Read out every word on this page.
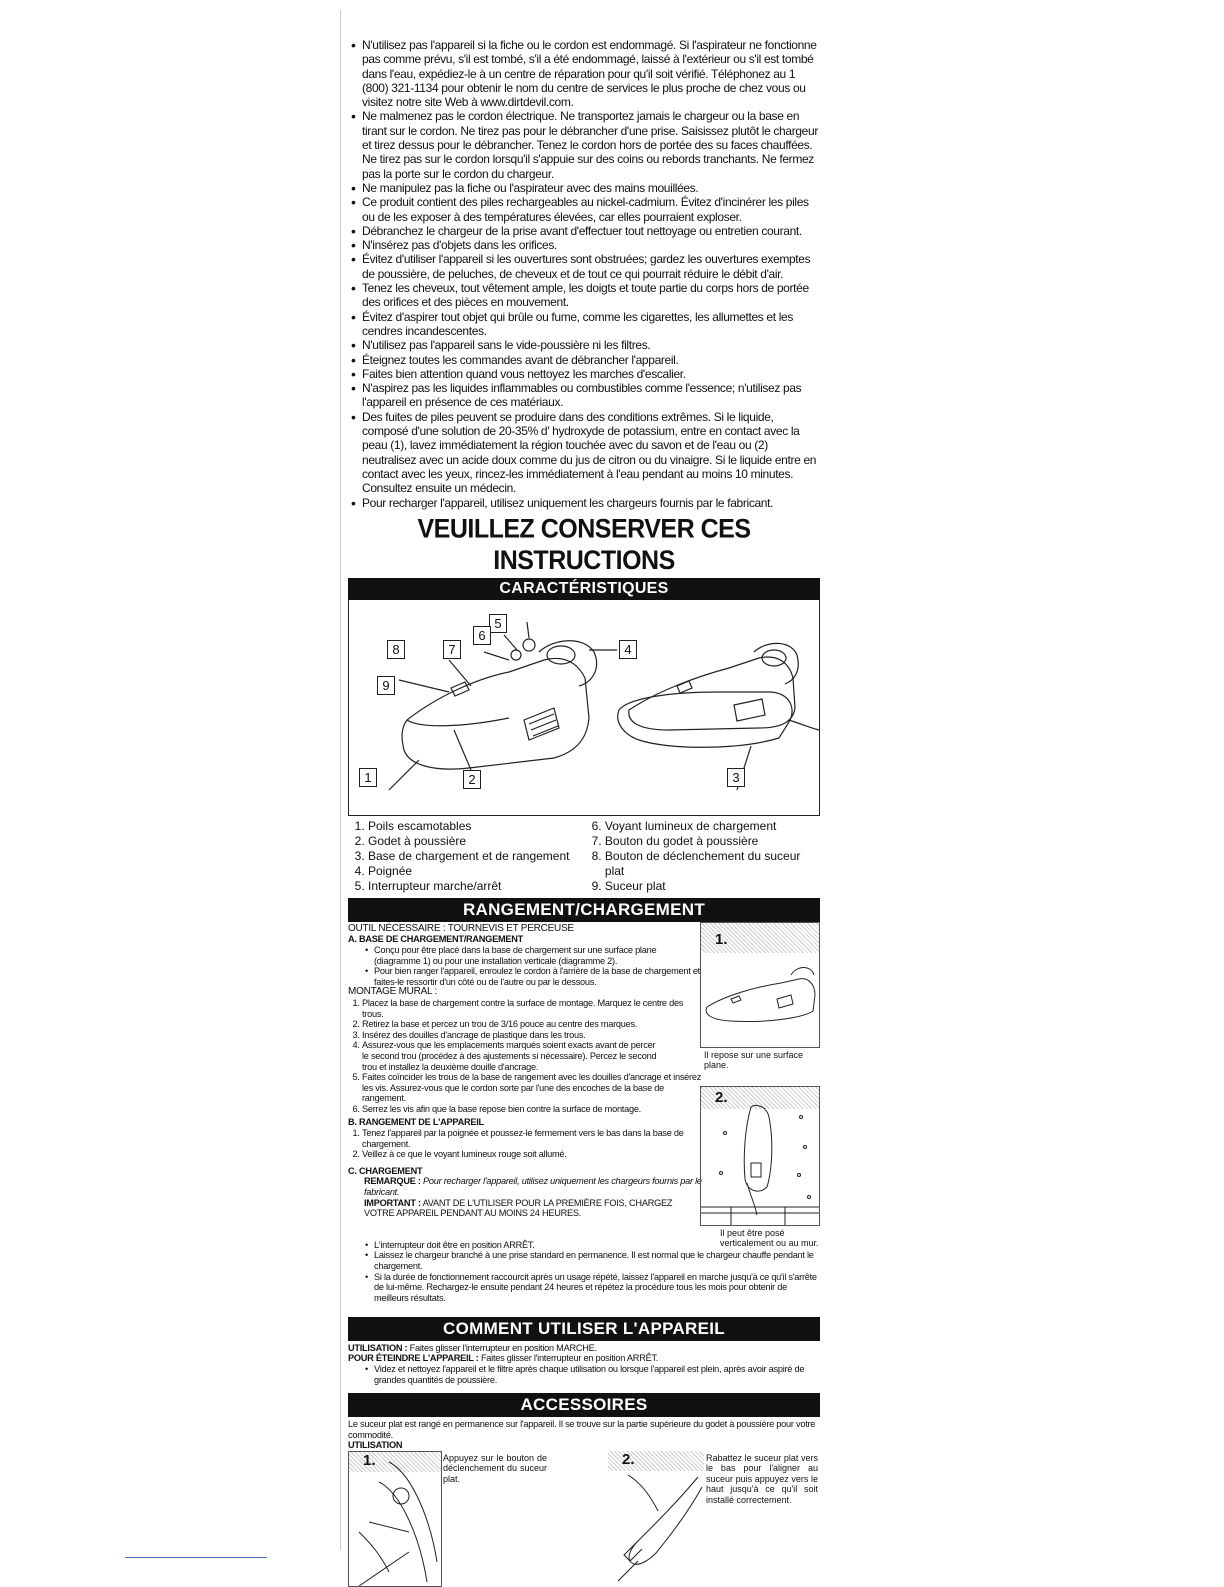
• N'utilisez pas l'appareil si la fiche ou le cordon est endommagé. Si l'aspirateur ne fonctionne pas comme prévu, s'il est tombé, s'il a été endommagé, laissé à l'extérieur ou s'il est tombé dans l'eau, expédiez-le à un centre de réparation pour qu'il soit vérifié. Téléphonez au 1 (800) 321-1134 pour obtenir le nom du centre de services le plus proche de chez vous ou visitez notre site Web à www.dirtdevil.com.
• Ne malmenez pas le cordon électrique. Ne transportez jamais le chargeur ou la base en tirant sur le cordon. Ne tirez pas pour le débrancher d'une prise. Saisissez plutôt le chargeur et tirez dessus pour le débrancher. Tenez le cordon hors de portée des su faces chauffées. Ne tirez pas sur le cordon lorsqu'il s'appuie sur des coins ou rebords tranchants. Ne fermez pas la porte sur le cordon du chargeur.
• Ne manipulez pas la fiche ou l'aspirateur avec des mains mouillées.
• Ce produit contient des piles rechargeables au nickel-cadmium. Évitez d'incinérer les piles ou de les exposer à des températures élevées, car elles pourraient exploser.
• Débranchez le chargeur de la prise avant d'effectuer tout nettoyage ou entretien courant.
• N'insérez pas d'objets dans les orifices.
• Évitez d'utiliser l'appareil si les ouvertures sont obstruées; gardez les ouvertures exemptes de poussière, de peluches, de cheveux et de tout ce qui pourrait réduire le débit d'air.
• Tenez les cheveux, tout vêtement ample, les doigts et toute partie du corps hors de portée des orifices et des pièces en mouvement.
• Évitez d'aspirer tout objet qui brûle ou fume, comme les cigarettes, les allumettes et les cendres incandescentes.
• N'utilisez pas l'appareil sans le vide-poussière ni les filtres.
• Éteignez toutes les commandes avant de débrancher l'appareil.
• Faites bien attention quand vous nettoyez les marches d'escalier.
• N'aspirez pas les liquides inflammables ou combustibles comme l'essence; n'utilisez pas l'appareil en présence de ces matériaux.
• Des fuites de piles peuvent se produire dans des conditions extrêmes. Si le liquide, composé d'une solution de 20-35% d' hydroxyde de potassium, entre en contact avec la peau (1), lavez immédiatement la région touchée avec du savon et de l'eau ou (2) neutralisez avec un acide doux comme du jus de citron ou du vinaigre. Si le liquide entre en contact avec les yeux, rincez-les immédiatement à l'eau pendant au moins 10 minutes. Consultez ensuite un médecin.
• Pour recharger l'appareil, utilisez uniquement les chargeurs fournis par le fabricant.
VEUILLEZ CONSERVER CES INSTRUCTIONS
CARACTÉRISTIQUES
1	2	3
4
5
6
7
8
9
1. Poils escamotables
2. Godet à poussière
3. Base de chargement et de rangement
4. Poignée
5. Interrupteur marche/arrêt
6. Voyant lumineux de chargement
7. Bouton du godet à poussière
8. Bouton de déclenchement du suceur plat
9. Suceur plat
RANGEMENT/CHARGEMENT
OUTIL NÉCESSAIRE : TOURNEVIS ET PERCEUSE
A. BASE DE CHARGEMENT/RANGEMENT
• Conçu pour être placé dans la base de chargement sur une surface plane (diagramme 1) ou pour une installation verticale (diagramme 2).
• Pour bien ranger l'appareil, enroulez le cordon à l'arrière de la base de chargement et faites-le ressortir d'un côté ou de l'autre ou par le dessous.
MONTAGE MURAL :
1. Placez la base de chargement contre la surface de montage. Marquez le centre des trous.
2. Retirez la base et percez un trou de 3/16 pouce au centre des marques.
3. Insérez des douilles d'ancrage de plastique dans les trous.
4. Assurez-vous que les emplacements marqués soient exacts avant de percer le second trou (procédez à des ajustements si nécessaire). Percez le second trou et installez la deuxième douille d'ancrage.
5. Faites coïncider les trous de la base de rangement avec les douilles d'ancrage et insérez les vis. Assurez-vous que le cordon sorte par l'une des encoches de la base de rangement.
6. Serrez les vis afin que la base repose bien contre la surface de montage.
B. RANGEMENT DE L'APPAREIL
1. Tenez l'appareil par la poignée et poussez-le fermement vers le bas dans la base de chargement.
2. Veillez à ce que le voyant lumineux rouge soit allumé.
C. CHARGEMENT
REMARQUE : Pour recharger l'appareil, utilisez uniquement les chargeurs fournis par le fabricant.
IMPORTANT : AVANT DE L'UTILISER POUR LA PREMIÈRE FOIS, CHARGEZ VOTRE APPAREIL PENDANT AU MOINS 24 HEURES.
• L'interrupteur doit être en position ARRÊT.
• Laissez le chargeur branché à une prise standard en permanence. Il est normal que le chargeur chauffe pendant le chargement.
• Si la durée de fonctionnement raccourcit après un usage répété, laissez l'appareil en marche jusqu'à ce qu'il s'arrête de lui-même. Rechargez-le ensuite pendant 24 heures et répétez la procédure tous les mois pour obtenir de meilleurs résultats.
1.
Il repose sur une surface plane.
2.
Il peut être posé verticalement ou au mur.
COMMENT UTILISER L'APPAREIL
UTILISATION : Faites glisser l'interrupteur en position MARCHE.
POUR ÉTEINDRE L'APPAREIL : Faites glisser l'interrupteur en position ARRÊT.
• Videz et nettoyez l'appareil et le filtre après chaque utilisation ou lorsque l'appareil est plein, après avoir aspiré de grandes quantités de poussière.
ACCESSOIRES
Le suceur plat est rangé en permanence sur l'appareil. Il se trouve sur la partie supérieure du godet à poussière pour votre commodité.
UTILISATION
1.	Appuyez sur le bouton de déclenchement du suceur plat.
2.	Rabattez le suceur plat vers le bas pour l'aligner au suceur puis appuyez vers le haut jusqu'à ce qu'il soit installé correctement.
